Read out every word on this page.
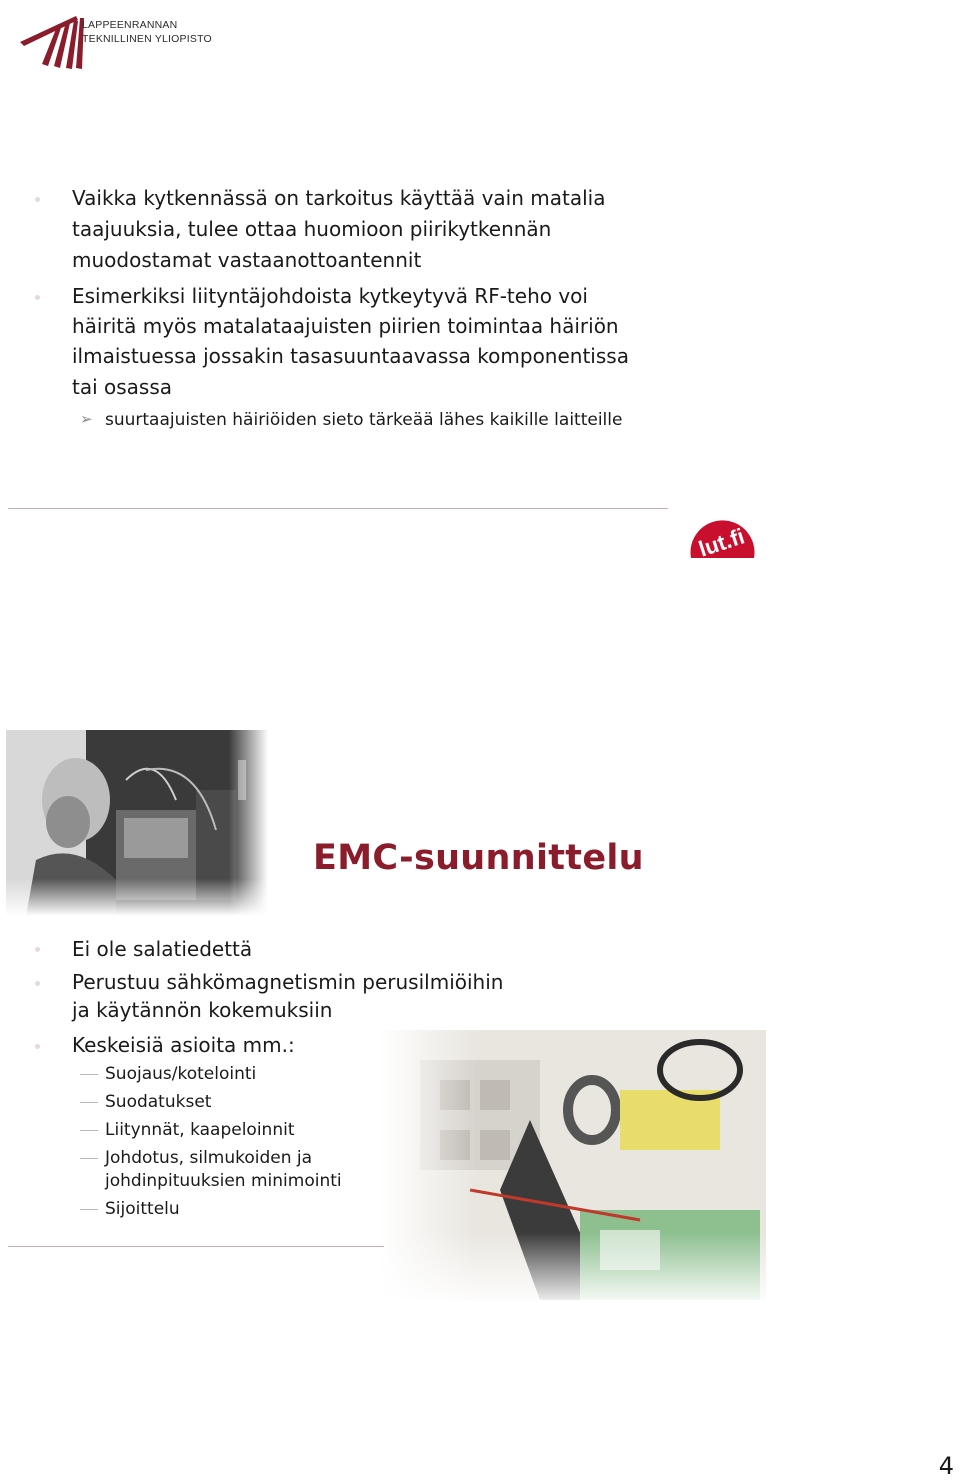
LAPPEENRANNAN
TEKNILLINEN YLIOPISTO
Vaikka kytkennässä on tarkoitus käyttää vain matalia
taajuuksia, tulee ottaa huomioon piirikytkennän
muodostamat vastaanottoantennit
Esimerkiksi liityntäjohdoista kytkeytyvä RF-teho voi
häiritä myös matalataajuisten piirien toimintaa häiriön
ilmaistuessa jossakin tasasuuntaavassa komponentissa
tai osassa
➢ suurtaajuisten häiriöiden sieto tärkeää lähes kaikille laitteille
lut.fi
EMC-suunnittelu
Ei ole salatiedettä
Perustuu sähkömagnetismin perusilmiöihin
ja käytännön kokemuksiin
Keskeisiä asioita mm.:
Suojaus/kotelointi
Suodatukset
Liitynnät, kaapeloinnit
Johdotus, silmukoiden ja
johdinpituuksien minimointi
Sijoittelu
4
